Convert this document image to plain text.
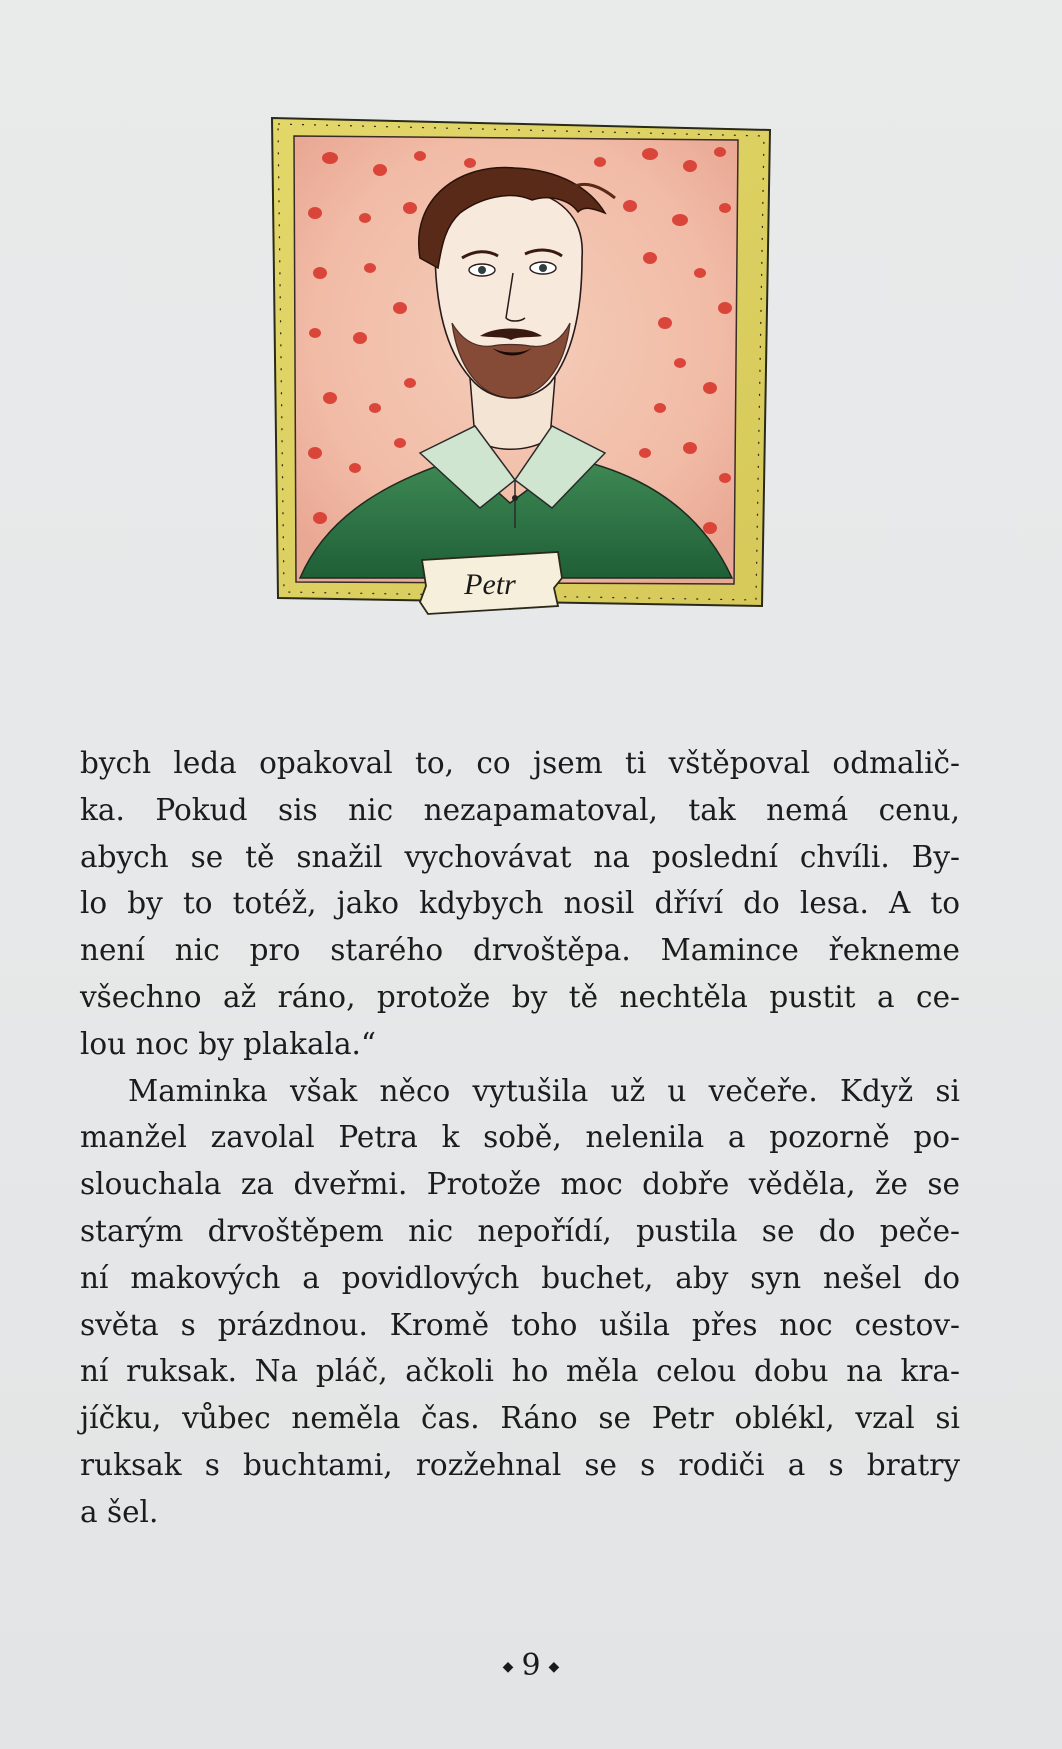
Petr
bych leda opakoval to, co jsem ti vštěpoval odmalič-
ka. Pokud sis nic nezapamatoval, tak nemá cenu,
abych se tě snažil vychovávat na poslední chvíli. By-
lo by to totéž, jako kdybych nosil dříví do lesa. A to
není nic pro starého drvoštěpa. Mamince řekneme
všechno až ráno, protože by tě nechtěla pustit a ce-
lou noc by plakala.“
Maminka však něco vytušila už u večeře. Když si
manžel zavolal Petra k sobě, nelenila a pozorně po-
slouchala za dveřmi. Protože moc dobře věděla, že se
starým drvoštěpem nic nepořídí, pustila se do peče-
ní makových a povidlových buchet, aby syn nešel do
světa s prázdnou. Kromě toho ušila přes noc cestov-
ní ruksak. Na pláč, ačkoli ho měla celou dobu na kra-
jíčku, vůbec neměla čas. Ráno se Petr oblékl, vzal si
ruksak s buchtami, rozžehnal se s rodiči a s bratry
a šel.
◆ 9 ◆
